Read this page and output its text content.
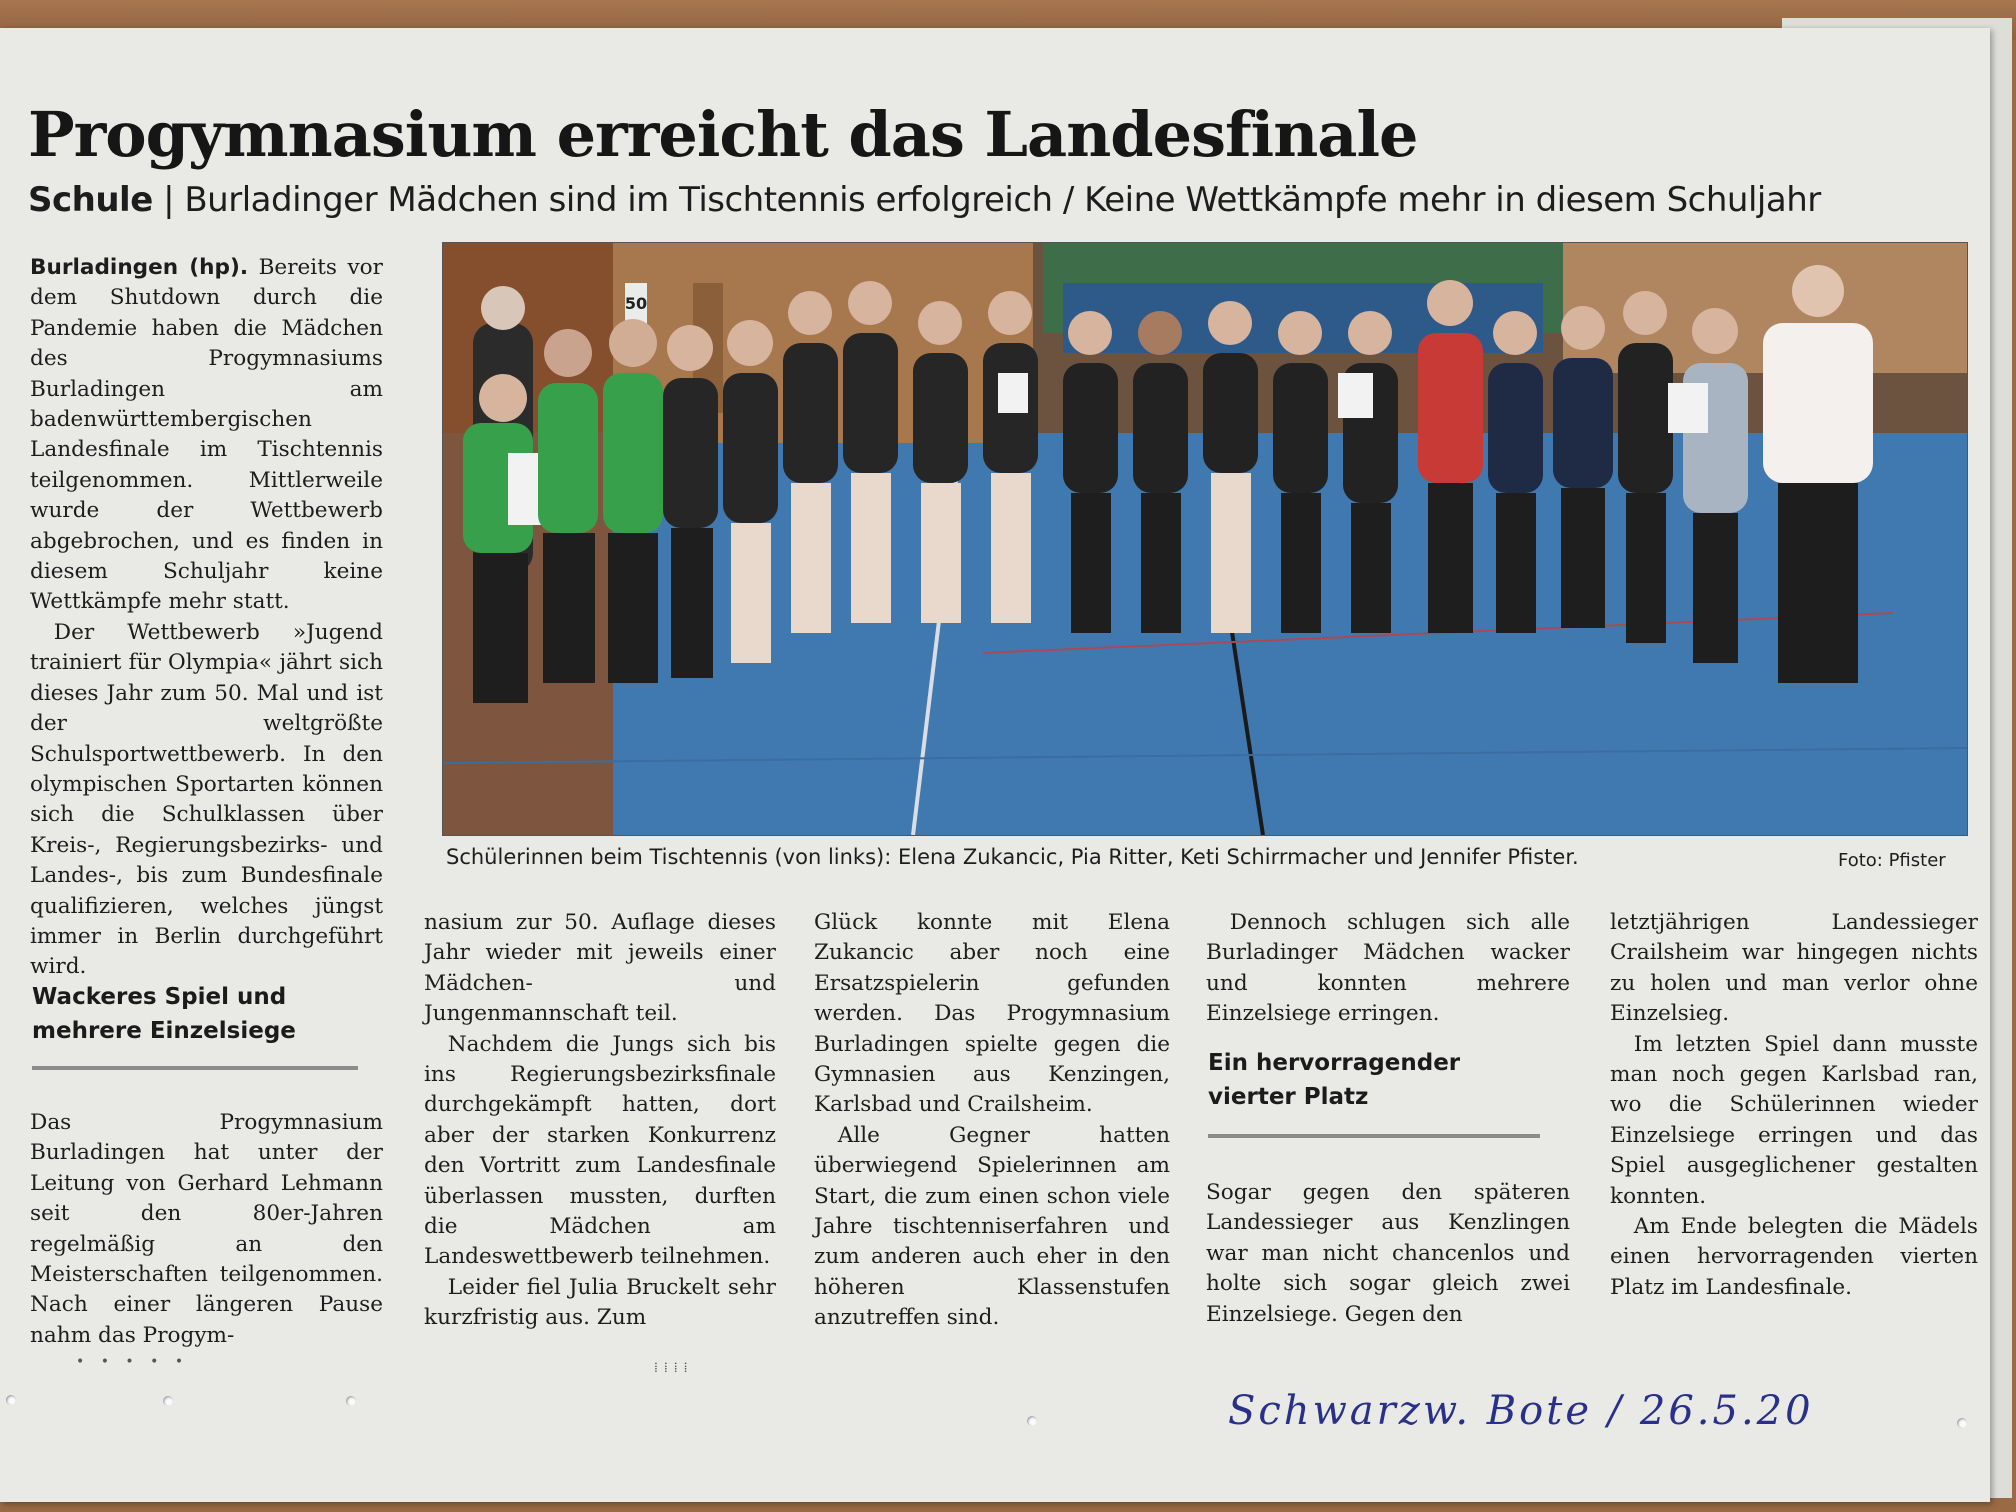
Progymnasium erreicht das Landesfinale
Schule | Burladinger Mädchen sind im Tischtennis erfolgreich / Keine Wettkämpfe mehr in diesem Schuljahr

Burladingen (hp). Bereits vor dem Shutdown durch die Pandemie haben die Mädchen des Progymnasiums Burladingen am badenwürttembergischen Landesfinale im Tischtennis teilgenommen. Mittlerweile wurde der Wettbewerb abgebrochen, und es finden in diesem Schuljahr keine Wettkämpfe mehr statt.

Der Wettbewerb »Jugend trainiert für Olympia« jährt sich dieses Jahr zum 50. Mal und ist der weltgrößte Schulsportwettbewerb. In den olympischen Sportarten können sich die Schulklassen über Kreis-, Regierungsbezirks- und Landes-, bis zum Bundesfinale qualifizieren, welches jüngst immer in Berlin durchgeführt wird.

Wackeres Spiel und mehrere Einzelsiege

Das Progymnasium Burladingen hat unter der Leitung von Gerhard Lehmann seit den 80er-Jahren regelmäßig an den Meisterschaften teilgenommen. Nach einer längeren Pause nahm das Progym-

50
Schülerinnen beim Tischtennis (von links): Elena Zukancic, Pia Ritter, Keti Schirrmacher und Jennifer Pfister.	Foto: Pfister

nasium zur 50. Auflage dieses Jahr wieder mit jeweils einer Mädchen- und Jungenmannschaft teil.

Nachdem die Jungs sich bis ins Regierungsbezirksfinale durchgekämpft hatten, dort aber der starken Konkurrenz den Vortritt zum Landesfinale überlassen mussten, durften die Mädchen am Landeswettbewerb teilnehmen.

Leider fiel Julia Bruckelt sehr kurzfristig aus. Zum

Glück konnte mit Elena Zukancic aber noch eine Ersatzspielerin gefunden werden. Das Progymnasium Burladingen spielte gegen die Gymnasien aus Kenzingen, Karlsbad und Crailsheim.

Alle Gegner hatten überwiegend Spielerinnen am Start, die zum einen schon viele Jahre tischtenniserfahren und zum anderen auch eher in den höheren Klassenstufen anzutreffen sind.

Dennoch schlugen sich alle Burladinger Mädchen wacker und konnten mehrere Einzelsiege erringen.

Ein hervorragender vierter Platz

Sogar gegen den späteren Landessieger aus Kenzlingen war man nicht chancenlos und holte sich sogar gleich zwei Einzelsiege. Gegen den

letztjährigen Landessieger Crailsheim war hingegen nichts zu holen und man verlor ohne Einzelsieg.

Im letzten Spiel dann musste man noch gegen Karlsbad ran, wo die Schülerinnen wieder Einzelsiege erringen und das Spiel ausgeglichener gestalten konnten.

Am Ende belegten die Mädels einen hervorragenden vierten Platz im Landesfinale.

• • • • •	⁞⁞⁞⁞
Schwarzw. Bote / 26.5.20
